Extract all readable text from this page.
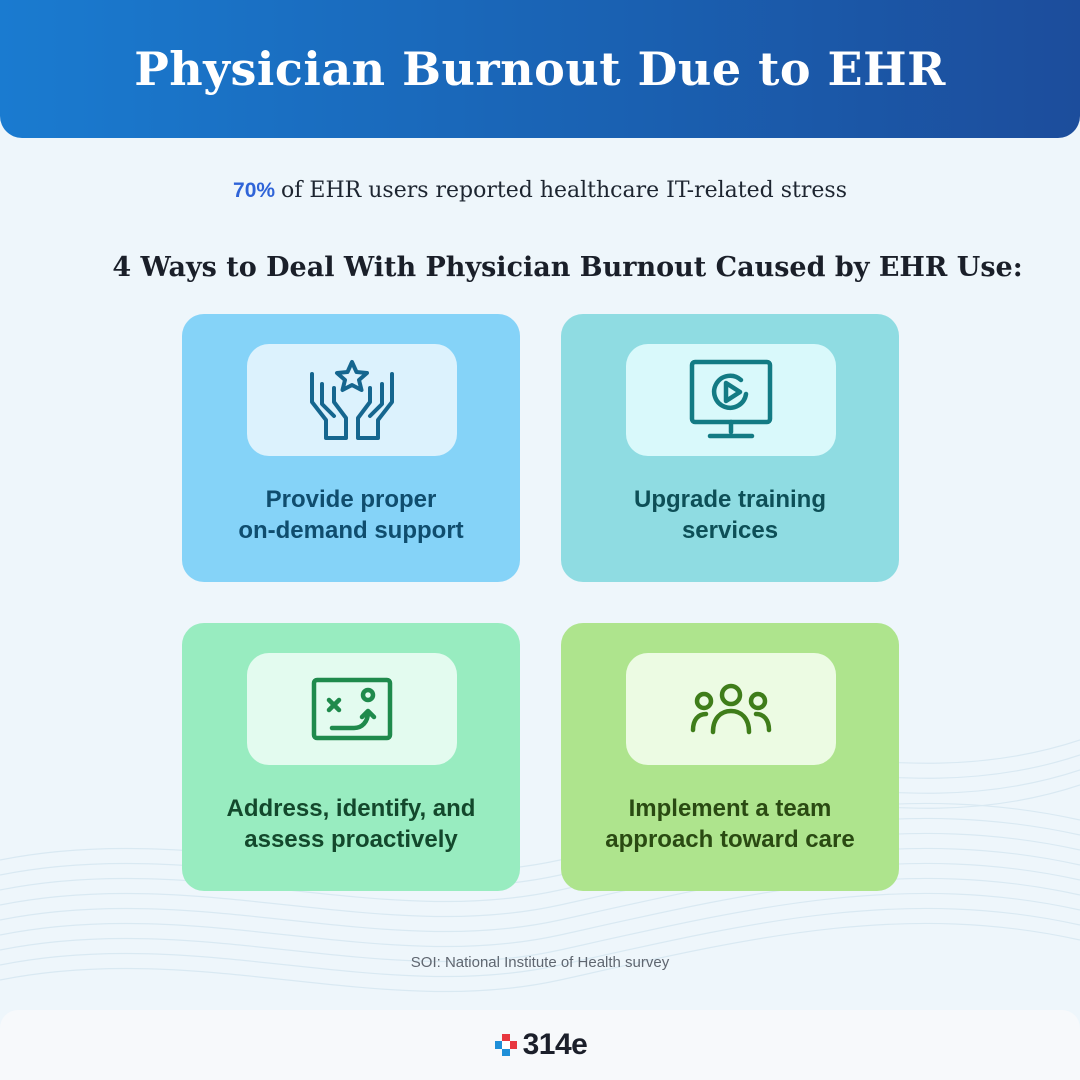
Physician Burnout Due to EHR
70% of EHR users reported healthcare IT-related stress
4 Ways to Deal With Physician Burnout Caused by EHR Use:
Provide proper
on-demand support
Upgrade training
services
Address, identify, and
assess proactively
Implement a team
approach toward care
SOI: National Institute of Health survey
314e
